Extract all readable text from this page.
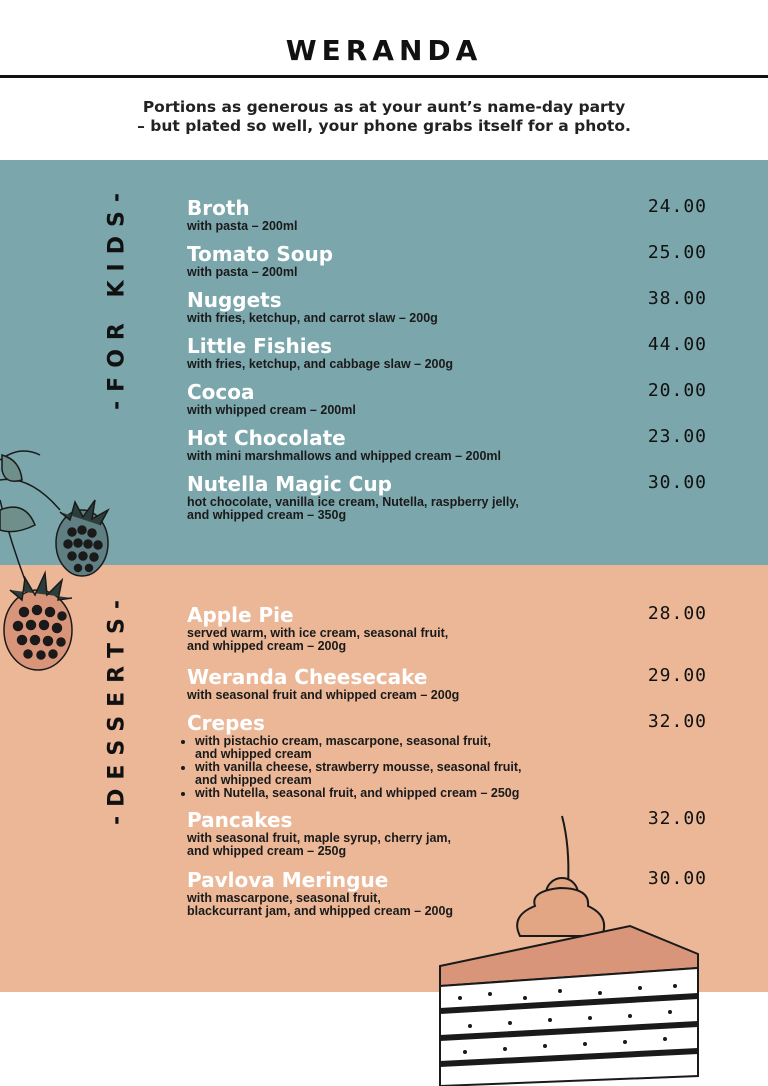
WERANDA
Portions as generous as at your aunt’s name-day party
– but plated so well, your phone grabs itself for a photo.
-FOR KIDS-
-DESSERTS-
Broth
with pasta – 200ml
24.00
Tomato Soup
with pasta – 200ml
25.00
Nuggets
with fries, ketchup, and carrot slaw – 200g
38.00
Little Fishies
with fries, ketchup, and cabbage slaw – 200g
44.00
Cocoa
with whipped cream – 200ml
20.00
Hot Chocolate
with mini marshmallows and whipped cream – 200ml
23.00
Nutella Magic Cup
hot chocolate, vanilla ice cream, Nutella, raspberry jelly,
and whipped cream – 350g
30.00
Apple Pie
served warm, with ice cream, seasonal fruit,
and whipped cream – 200g
28.00
Weranda Cheesecake
with seasonal fruit and whipped cream – 200g
29.00
Crepes
• with pistachio cream, mascarpone, seasonal fruit,
and whipped cream
• with vanilla cheese, strawberry mousse, seasonal fruit,
and whipped cream
• with Nutella, seasonal fruit, and whipped cream – 250g
32.00
Pancakes
with seasonal fruit, maple syrup, cherry jam,
and whipped cream – 250g
32.00
Pavlova Meringue
with mascarpone, seasonal fruit,
blackcurrant jam, and whipped cream – 200g
30.00
